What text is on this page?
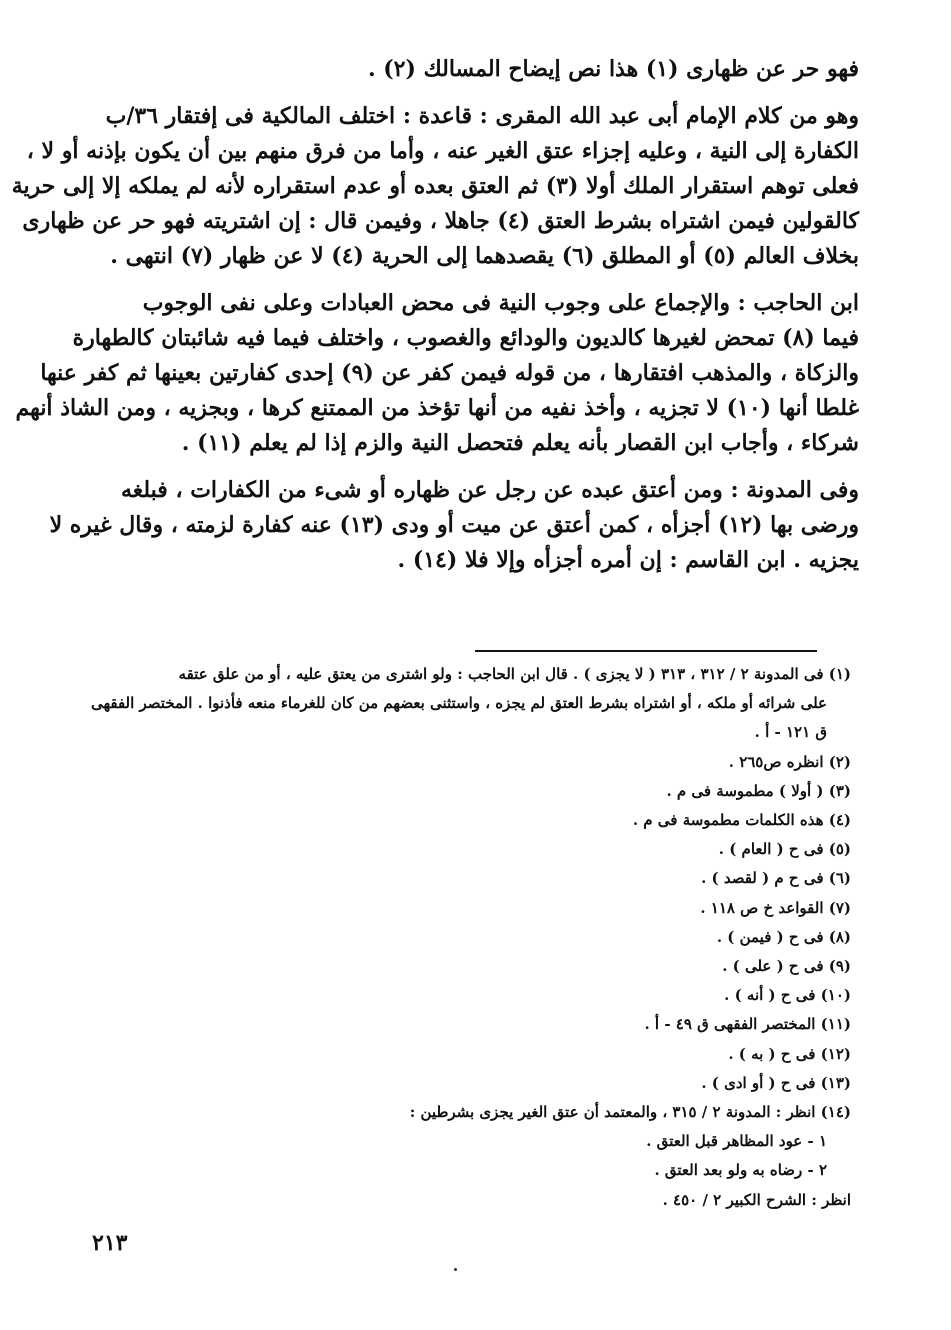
فهو حر عن ظهارى (١) هذا نص إيضاح المسالك (٢) .
وهو من كلام الإمام أبى عبد الله المقرى : قاعدة : اختلف المالكية فى إفتقار ٣٦/ب
الكفارة إلى النية ، وعليه إجزاء عتق الغير عنه ، وأما من فرق منهم بين أن يكون بإذنه أو لا ،
فعلى توهم استقرار الملك أولا (٣) ثم العتق بعده أو عدم استقراره لأنه لم يملكه إلا إلى حرية
كالقولين فيمن اشتراه بشرط العتق (٤) جاهلا ، وفيمن قال : إن اشتريته فهو حر عن ظهارى
بخلاف العالم (٥) أو المطلق (٦) يقصدهما إلى الحرية (٤) لا عن ظهار (٧) انتهى .
ابن الحاجب : والإجماع على وجوب النية فى محض العبادات وعلى نفى الوجوب
فيما (٨) تمحض لغيرها كالديون والودائع والغصوب ، واختلف فيما فيه شائبتان كالطهارة
والزكاة ، والمذهب افتقارها ، من قوله فيمن كفر عن (٩) إحدى كفارتين بعينها ثم كفر عنها
غلطا أنها (١٠) لا تجزيه ، وأخذ نفيه من أنها تؤخذ من الممتنع كرها ، وبجزيه ، ومن الشاذ أنهم
شركاء ، وأجاب ابن القصار بأنه يعلم فتحصل النية والزم إذا لم يعلم (١١) .
وفى المدونة : ومن أعتق عبده عن رجل عن ظهاره أو شىء من الكفارات ، فبلغه
ورضى بها (١٢) أجزأه ، كمن أعتق عن ميت أو ودى (١٣) عنه كفارة لزمته ، وقال غيره لا
يجزيه . ابن القاسم : إن أمره أجزأه وإلا فلا (١٤) .
(١) فى المدونة ٢ / ٣١٢ ، ٣١٣ ( لا يجزى ) . قال ابن الحاجب : ولو اشترى من يعتق عليه ، أو من علق عتقه
على شرائه أو ملكه ، أو اشتراه بشرط العتق لم يجزه ، واستثنى بعضهم من كان للغرماء منعه فأذنوا . المختصر الفقهى
ق ١٢١ - أ .
(٢) انظره ص٢٦٥ .
(٣) ( أولا ) مطموسة فى م .
(٤) هذه الكلمات مطموسة فى م .
(٥) فى ح ( العام ) .
(٦) فى ح م ( لقصد ) .
(٧) القواعد خ ص ١١٨ .
(٨) فى ح ( فيمن ) .
(٩) فى ح ( على ) .
(١٠) فى ح ( أنه ) .
(١١) المختصر الفقهى ق ٤٩ - أ .
(١٢) فى ح ( به ) .
(١٣) فى ح ( أو ادى ) .
(١٤) انظر : المدونة ٢ / ٣١٥ ، والمعتمد أن عتق الغير يجزى بشرطين :
١ - عود المظاهر قبل العتق .
٢ - رضاه به ولو بعد العتق .
انظر : الشرح الكبير ٢ / ٤٥٠ .
٢١٣
